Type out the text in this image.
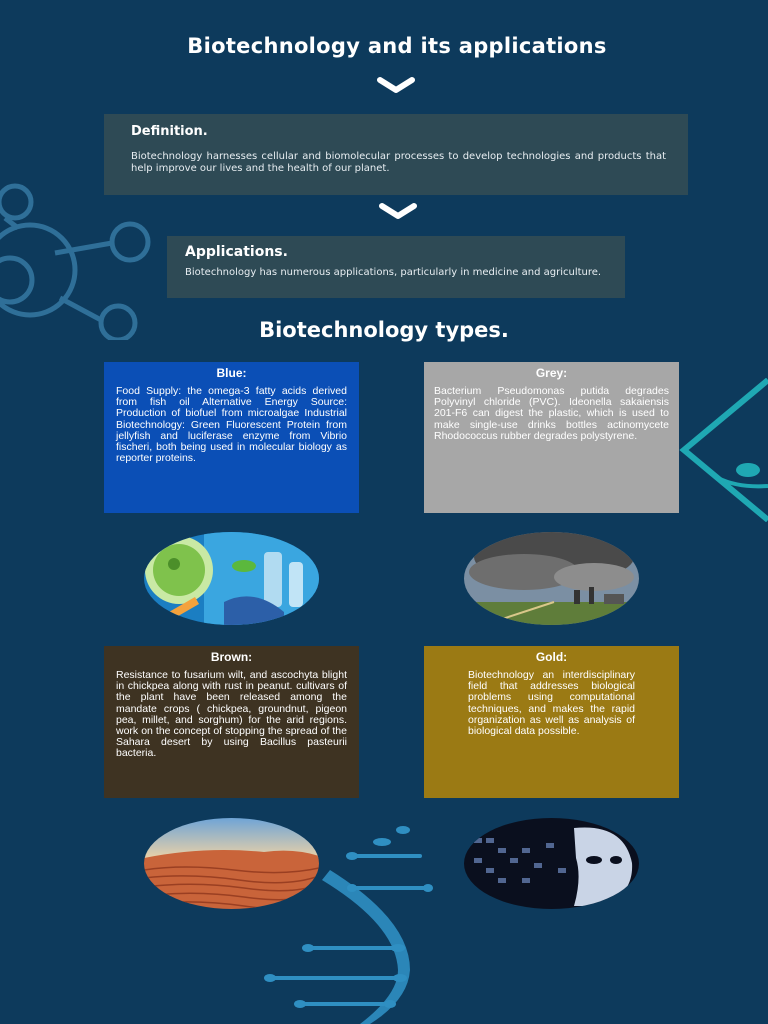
Biotechnology and its applications
Definition.
Biotechnology harnesses cellular and biomolecular processes to develop technologies and products that help improve our lives and the health of our planet.
Applications.
Biotechnology has numerous applications, particularly in medicine and agriculture.
Biotechnology types.
Blue:
Food Supply: the omega-3 fatty acids derived from fish oil Alternative Energy Source: Production of biofuel from microalgae Industrial Biotechnology: Green Fluorescent Protein from jellyfish and luciferase enzyme from Vibrio fischeri, both being used in molecular biology as reporter proteins.
Grey:
Bacterium Pseudomonas putida degrades Polyvinyl chloride (PVC). Ideonella sakaiensis 201-F6 can digest the plastic, which is used to make single-use drinks bottles actinomycete Rhodococcus rubber degrades polystyrene.
Brown:
Resistance to fusarium wilt, and ascochyta blight in chickpea along with rust in peanut. cultivars of the plant have been released among the mandate crops ( chickpea, groundnut, pigeon pea, millet, and sorghum) for the arid regions. work on the concept of stopping the spread of the Sahara desert by using Bacillus pasteurii bacteria.
Gold:
Biotechnology an interdisciplinary field that addresses biological problems using computational techniques, and makes the rapid organization as well as analysis of biological data possible.
